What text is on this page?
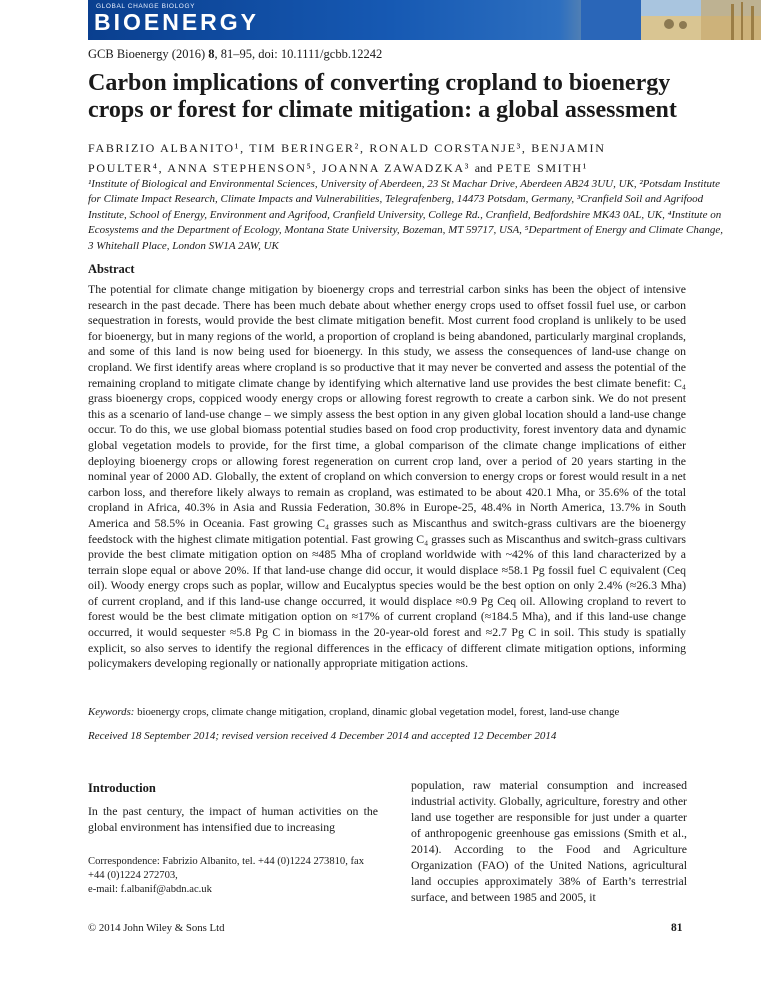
GLOBAL CHANGE BIOLOGY
BIOENERGY
GCB Bioenergy (2016) 8, 81–95, doi: 10.1111/gcbb.12242
Carbon implications of converting cropland to bioenergy crops or forest for climate mitigation: a global assessment
FABRIZIO ALBANITO¹, TIM BERINGER², RONALD CORSTANJE³, BENJAMIN
POULTER⁴, ANNA STEPHENSON⁵, JOANNA ZAWADZKA³ and PETE SMITH¹
¹Institute of Biological and Environmental Sciences, University of Aberdeen, 23 St Machar Drive, Aberdeen AB24 3UU, UK, ²Potsdam Institute for Climate Impact Research, Climate Impacts and Vulnerabilities, Telegrafenberg, 14473 Potsdam, Germany, ³Cranfield Soil and Agrifood Institute, School of Energy, Environment and Agrifood, Cranfield University, College Rd., Cranfield, Bedfordshire MK43 0AL, UK, ⁴Institute on Ecosystems and the Department of Ecology, Montana State University, Bozeman, MT 59717, USA, ⁵Department of Energy and Climate Change, 3 Whitehall Place, London SW1A 2AW, UK
Abstract

The potential for climate change mitigation by bioenergy crops and terrestrial carbon sinks has been the object of intensive research in the past decade. There has been much debate about whether energy crops used to offset fossil fuel use, or carbon sequestration in forests, would provide the best climate mitigation benefit. Most current food cropland is unlikely to be used for bioenergy, but in many regions of the world, a proportion of cropland is being abandoned, particularly marginal croplands, and some of this land is now being used for bioenergy. In this study, we assess the consequences of land-use change on cropland. We first identify areas where cropland is so productive that it may never be converted and assess the potential of the remaining cropland to mitigate climate change by identifying which alternative land use provides the best climate benefit: C₄ grass bioenergy crops, coppiced woody energy crops or allowing forest regrowth to create a carbon sink. We do not present this as a scenario of land-use change – we simply assess the best option in any given global location should a land-use change occur. To do this, we use global biomass potential studies based on food crop productivity, forest inventory data and dynamic global vegetation models to provide, for the first time, a global comparison of the climate change implications of either deploying bioenergy crops or allowing forest regeneration on current crop land, over a period of 20 years starting in the nominal year of 2000 AD. Globally, the extent of cropland on which conversion to energy crops or forest would result in a net carbon loss, and therefore likely always to remain as cropland, was estimated to be about 420.1 Mha, or 35.6% of the total cropland in Africa, 40.3% in Asia and Russia Federation, 30.8% in Europe-25, 48.4% in North America, 13.7% in South America and 58.5% in Oceania. Fast growing C₄ grasses such as Miscanthus and switch-grass cultivars are the bioenergy feedstock with the highest climate mitigation potential. Fast growing C₄ grasses such as Miscanthus and switch-grass cultivars provide the best climate mitigation option on ≈485 Mha of cropland worldwide with ~42% of this land characterized by a terrain slope equal or above 20%. If that land-use change did occur, it would displace ≈58.1 Pg fossil fuel C equivalent (Ceq oil). Woody energy crops such as poplar, willow and Eucalyptus species would be the best option on only 2.4% (≈26.3 Mha) of current cropland, and if this land-use change occurred, it would displace ≈0.9 Pg Ceq oil. Allowing cropland to revert to forest would be the best climate mitigation option on ≈17% of current cropland (≈184.5 Mha), and if this land-use change occurred, it would sequester ≈5.8 Pg C in biomass in the 20-year-old forest and ≈2.7 Pg C in soil. This study is spatially explicit, so also serves to identify the regional differences in the efficacy of different climate mitigation options, informing policymakers developing regionally or nationally appropriate mitigation actions.

Keywords: bioenergy crops, climate change mitigation, cropland, dinamic global vegetation model, forest, land-use change
Received 18 September 2014; revised version received 4 December 2014 and accepted 12 December 2014
Introduction

In the past century, the impact of human activities on the global environment has intensified due to increasing

Correspondence: Fabrizio Albanito, tel. +44 (0)1224 273810, fax +44 (0)1224 272703,
e-mail: f.albanif@abdn.ac.uk

population, raw material consumption and increased industrial activity. Globally, agriculture, forestry and other land use together are responsible for just under a quarter of anthropogenic greenhouse gas emissions (Smith et al., 2014). According to the Food and Agriculture Organization (FAO) of the United Nations, agricultural land occupies approximately 38% of Earth’s terrestrial surface, and between 1985 and 2005, it

© 2014 John Wiley & Sons Ltd	81
